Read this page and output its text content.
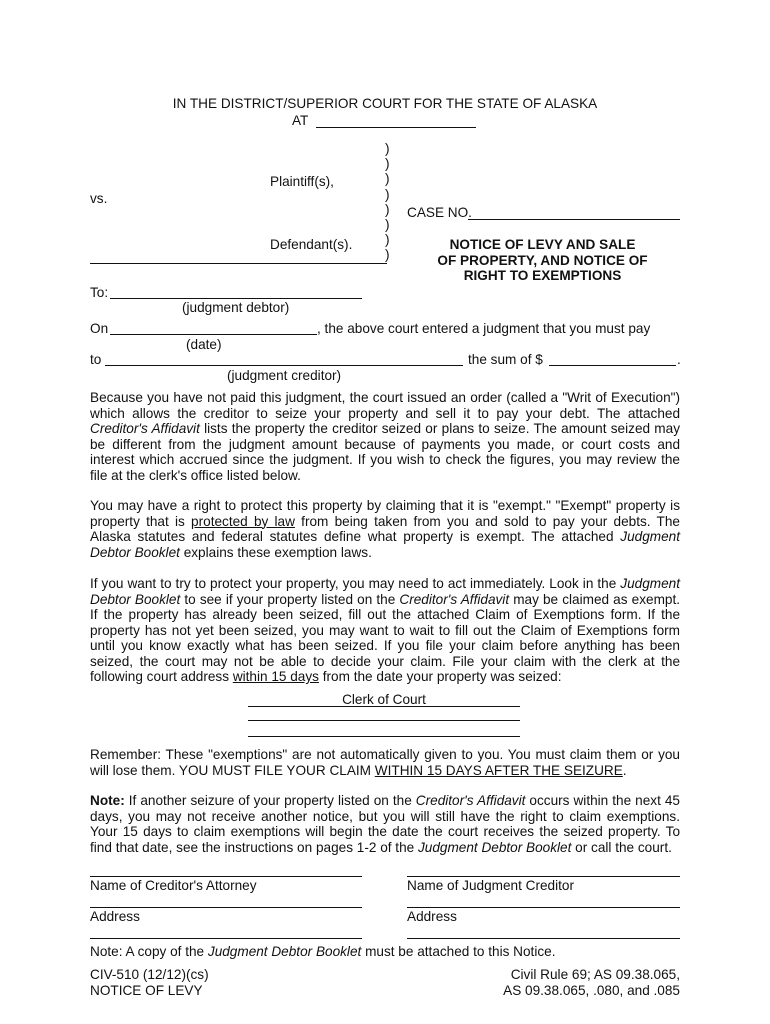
IN THE DISTRICT/SUPERIOR COURT FOR THE STATE OF ALASKA
AT
)
)
)
)
)
)
)
)
Plaintiff(s),
vs.
Defendant(s).
CASE NO.
NOTICE OF LEVY AND SALE
OF PROPERTY, AND NOTICE OF
RIGHT TO EXEMPTIONS
To:
(judgment debtor)
On	, the above court entered a judgment that you must pay
(date)
to	the sum of $	.
(judgment creditor)
Because you have not paid this judgment, the court issued an order (called a "Writ of Execution") which allows the creditor to seize your property and sell it to pay your debt. The attached Creditor's Affidavit lists the property the creditor seized or plans to seize. The amount seized may be different from the judgment amount because of payments you made, or court costs and interest which accrued since the judgment. If you wish to check the figures, you may review the file at the clerk's office listed below.
You may have a right to protect this property by claiming that it is "exempt." "Exempt" property is property that is protected by law from being taken from you and sold to pay your debts. The Alaska statutes and federal statutes define what property is exempt. The attached Judgment Debtor Booklet explains these exemption laws.
If you want to try to protect your property, you may need to act immediately. Look in the Judgment Debtor Booklet to see if your property listed on the Creditor's Affidavit may be claimed as exempt. If the property has already been seized, fill out the attached Claim of Exemptions form. If the property has not yet been seized, you may want to wait to fill out the Claim of Exemptions form until you know exactly what has been seized. If you file your claim before anything has been seized, the court may not be able to decide your claim. File your claim with the clerk at the following court address within 15 days from the date your property was seized:
Clerk of Court
Remember: These "exemptions" are not automatically given to you. You must claim them or you will lose them. YOU MUST FILE YOUR CLAIM WITHIN 15 DAYS AFTER THE SEIZURE.
Note: If another seizure of your property listed on the Creditor's Affidavit occurs within the next 45 days, you may not receive another notice, but you will still have the right to claim exemptions. Your 15 days to claim exemptions will begin the date the court receives the seized property. To find that date, see the instructions on pages 1-2 of the Judgment Debtor Booklet or call the court.
Name of Creditor's Attorney	Name of Judgment Creditor
Address	Address
Note: A copy of the Judgment Debtor Booklet must be attached to this Notice.
CIV-510 (12/12)(cs)
NOTICE OF LEVY
Civil Rule 69; AS 09.38.065,
AS 09.38.065, .080, and .085
